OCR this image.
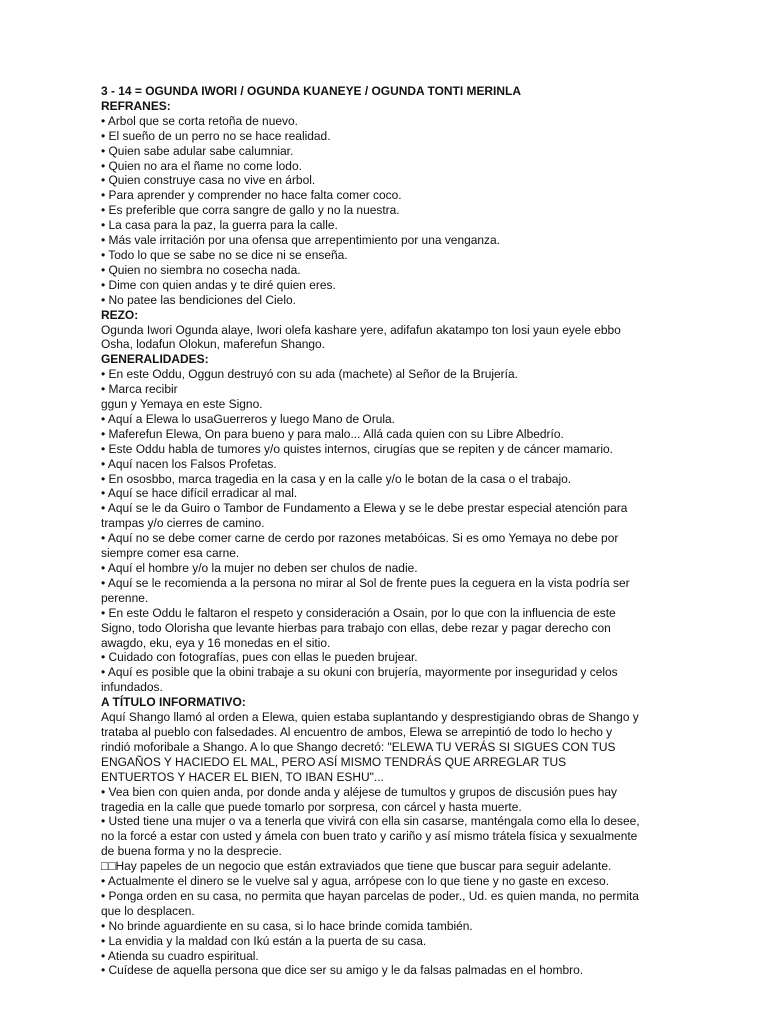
3 - 14 = OGUNDA IWORI / OGUNDA KUANEYE / OGUNDA TONTI MERINLA
REFRANES:
• Arbol que se corta retoña de nuevo.
• El sueño de un perro no se hace realidad.
• Quien sabe adular sabe calumniar.
• Quien no ara el ñame no come lodo.
• Quien construye casa no vive en árbol.
• Para aprender y comprender no hace falta comer coco.
• Es preferible que corra sangre de gallo y no la nuestra.
• La casa para la paz, la guerra para la calle.
• Más vale irritación por una ofensa que arrepentimiento por una venganza.
• Todo lo que se sabe no se dice ni se enseña.
• Quien no siembra no cosecha nada.
• Dime con quien andas y te diré quien eres.
• No patee las bendiciones del Cielo.
REZO:
Ogunda Iwori Ogunda alaye, Iwori olefa kashare yere, adifafun akatampo ton losi yaun eyele ebbo
Osha, lodafun Olokun, maferefun Shango.
GENERALIDADES:
• En este Oddu, Oggun destruyó con su ada (machete) al Señor de la Brujería.
• Marca recibir
ggun y Yemaya en este Signo.
• Aquí a Elewa lo usaGuerreros y luego Mano de Orula.
• Maferefun Elewa, On para bueno y para malo... Allá cada quien con su Libre Albedrío.
• Este Oddu habla de tumores y/o quistes internos, cirugías que se repiten y de cáncer mamario.
• Aquí nacen los Falsos Profetas.
• En ososbbo, marca tragedia en la casa y en la calle y/o le botan de la casa o el trabajo.
• Aquí se hace difícil erradicar al mal.
• Aquí se le da Guiro o Tambor de Fundamento a Elewa y se le debe prestar especial atención para
trampas y/o cierres de camino.
• Aquí no se debe comer carne de cerdo por razones metabóicas. Si es omo Yemaya no debe por
siempre comer esa carne.
• Aquí el hombre y/o la mujer no deben ser chulos de nadie.
• Aquí se le recomienda a la persona no mirar al Sol de frente pues la ceguera en la vista podría ser
perenne.
• En este Oddu le faltaron el respeto y consideración a Osain, por lo que con la influencia de este
Signo, todo Olorisha que levante hierbas para trabajo con ellas, debe rezar y pagar derecho con
awagdo, eku, eya y 16 monedas en el sitio.
• Cuidado con fotografías, pues con ellas le pueden brujear.
• Aquí es posible que la obini trabaje a su okuni con brujería, mayormente por inseguridad y celos
infundados.
A TÍTULO INFORMATIVO:
Aquí Shango llamó al orden a Elewa, quien estaba suplantando y desprestigiando obras de Shango y
trataba al pueblo con falsedades. Al encuentro de ambos, Elewa se arrepintió de todo lo hecho y
rindió moforibale a Shango. A lo que Shango decretó: "ELEWA TU VERÁS SI SIGUES CON TUS
ENGAÑOS Y HACIEDO EL MAL, PERO ASÍ MISMO TENDRÁS QUE ARREGLAR TUS
ENTUERTOS Y HACER EL BIEN, TO IBAN ESHU"...
• Vea bien con quien anda, por donde anda y aléjese de tumultos y grupos de discusión pues hay
tragedia en la calle que puede tomarlo por sorpresa, con cárcel y hasta muerte.
• Usted tiene una mujer o va a tenerla que vivirá con ella sin casarse, manténgala como ella lo desee,
no la forcé a estar con usted y ámela con buen trato y cariño y así mismo trátela física y sexualmente
de buena forma y no la desprecie.
□□Hay papeles de un negocio que están extraviados que tiene que buscar para seguir adelante.
• Actualmente el dinero se le vuelve sal y agua, arrópese con lo que tiene y no gaste en exceso.
• Ponga orden en su casa, no permita que hayan parcelas de poder., Ud. es quien manda, no permita
que lo desplacen.
• No brinde aguardiente en su casa, si lo hace brinde comida también.
• La envidia y la maldad con Ikú están a la puerta de su casa.
• Atienda su cuadro espiritual.
• Cuídese de aquella persona que dice ser su amigo y le da falsas palmadas en el hombro.
